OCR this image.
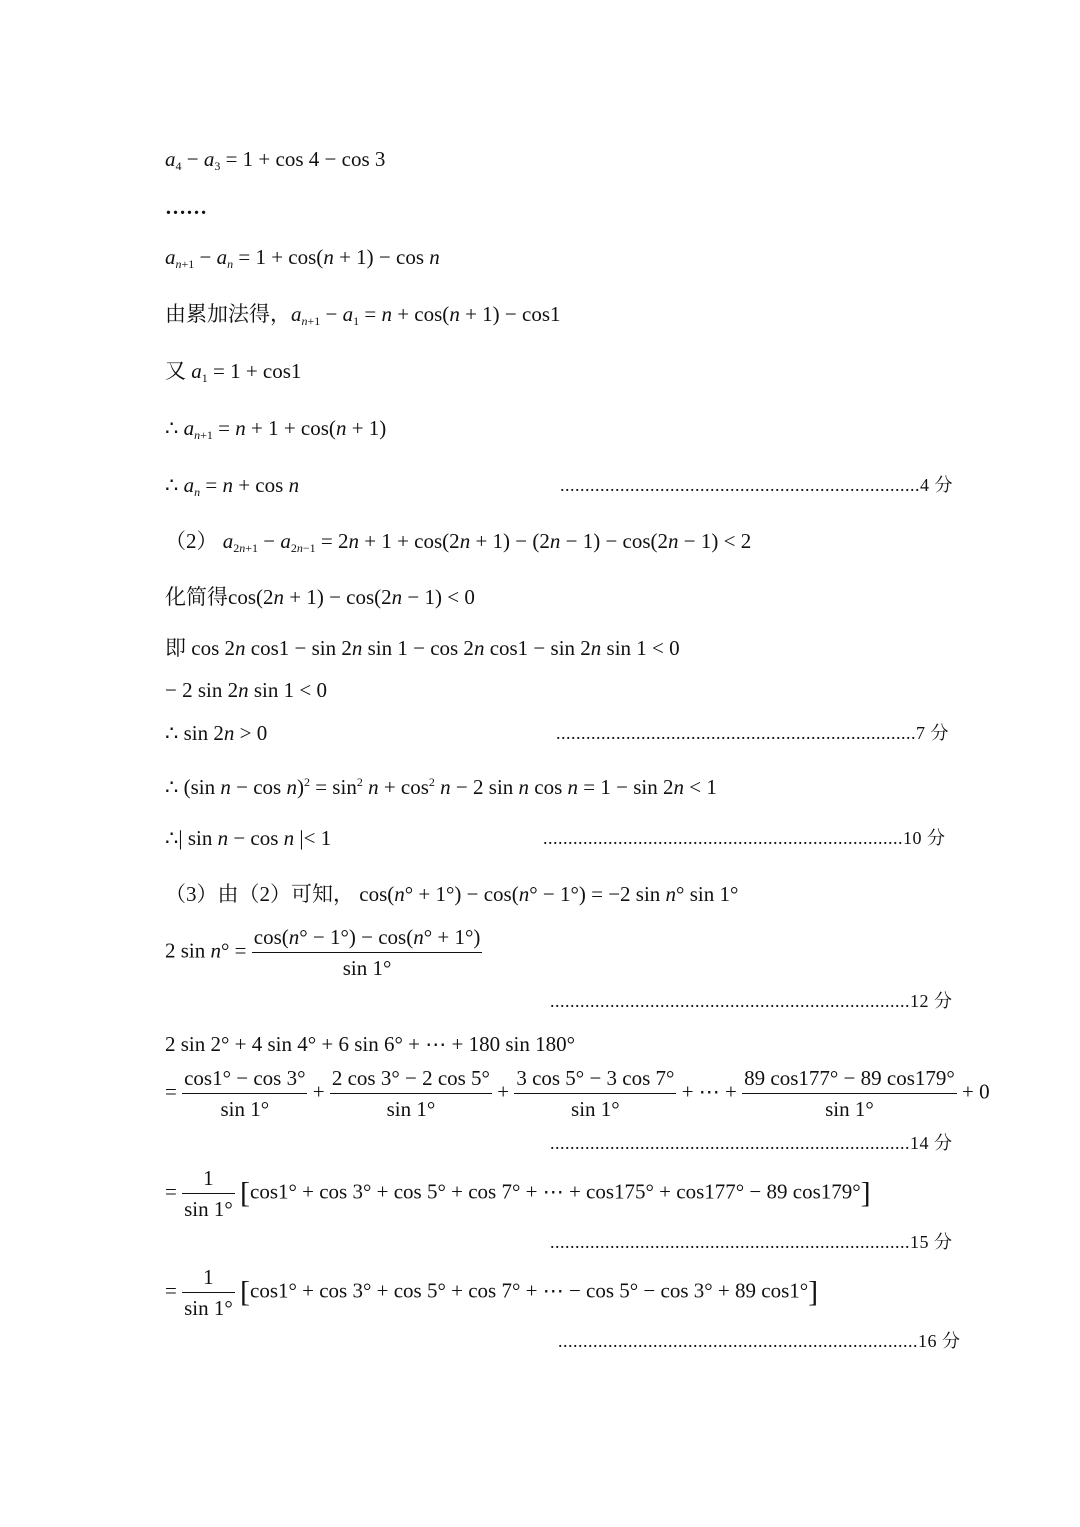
$a_4 - a_3 = 1 + \cos 4 - \cos 3$
……
$a_{n+1} - a_n = 1 + \cos(n + 1) - \cos n$
由累加法得，$a_{n+1} - a_1 = n + \cos(n + 1) - \cos 1$
又 $a_1 = 1 + \cos 1$
∴ $a_{n+1} = n + 1 + \cos(n + 1)$
∴ $a_n = n + \cos n$	........................................................................4 分
（2） $a_{2n+1} - a_{2n-1} = 2n + 1 + \cos(2n + 1) - (2n - 1) - \cos(2n - 1) < 2$
化简得cos(2n + 1) − cos(2n − 1) < 0
即 cos 2n cos1 − sin 2n sin 1 − cos 2n cos1 − sin 2n sin 1 < 0
− 2 sin 2n sin 1 < 0
∴ sin 2n > 0	........................................................................7 分
∴ (sin $n - \cos n)^2 = \sin^2 n + \cos^2 n - 2$ sin n cos n = 1 − sin 2n < 1
∴| sin n − cos n |< 1	........................................................................10 分
（3）由（2）可知， cos(n° + 1°) − cos(n° − 1°) = −2 sin n° sin 1°
2 $\sin n^\circ = \frac{\cos(n^\circ - 1^\circ) - \cos(n^\circ + 1^\circ)}{\sin 1^\circ}$
........................................................................12 分
2 sin 2° + 4 sin 4° + 6 sin 6° + ⋯ + 180 sin 180°
= $\frac{\cos 1^\circ - \cos 3^\circ}{\sin 1^\circ} + \frac{2 \cos 3^\circ - 2 \cos 5^\circ}{\sin 1^\circ} + \frac{3 \cos 5^\circ - 3 \cos 7^\circ}{\sin 1^\circ}$ + ⋯ + $\frac{89 \cos 177^\circ - 89 \cos 179^\circ}{\sin 1^\circ} + 0$
........................................................................14 分
= $\frac{1}{\sin 1^\circ} [\cos 1^\circ + \cos 3^\circ + \cos 5^\circ + \cos 7^\circ$ + ⋯ + cos175° + cos177° − 89 cos179°]
........................................................................15 分
= $\frac{1}{\sin 1^\circ} [\cos 1^\circ + \cos 3^\circ + \cos 5^\circ + \cos 7^\circ$ + ⋯ − cos 5° − cos 3° + 89 cos1°]
........................................................................16 分
